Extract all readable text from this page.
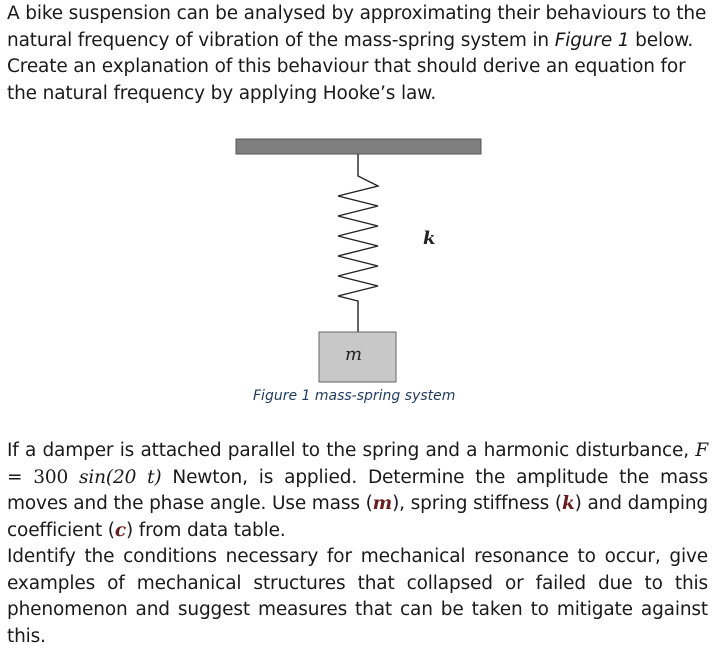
A bike suspension can be analysed by approximating their behaviours to the natural frequency of vibration of the mass-spring system in Figure 1 below. Create an explanation of this behaviour that should derive an equation for the natural frequency by applying Hooke’s law.
k
m
Figure 1 mass-spring system
If a damper is attached parallel to the spring and a harmonic disturbance, F = 300 sin(20 t) Newton, is applied. Determine the amplitude the mass moves and the phase angle. Use mass (m), spring stiffness (k) and damping coefficient (c) from data table.
Identify the conditions necessary for mechanical resonance to occur, give examples of mechanical structures that collapsed or failed due to this phenomenon and suggest measures that can be taken to mitigate against this.
